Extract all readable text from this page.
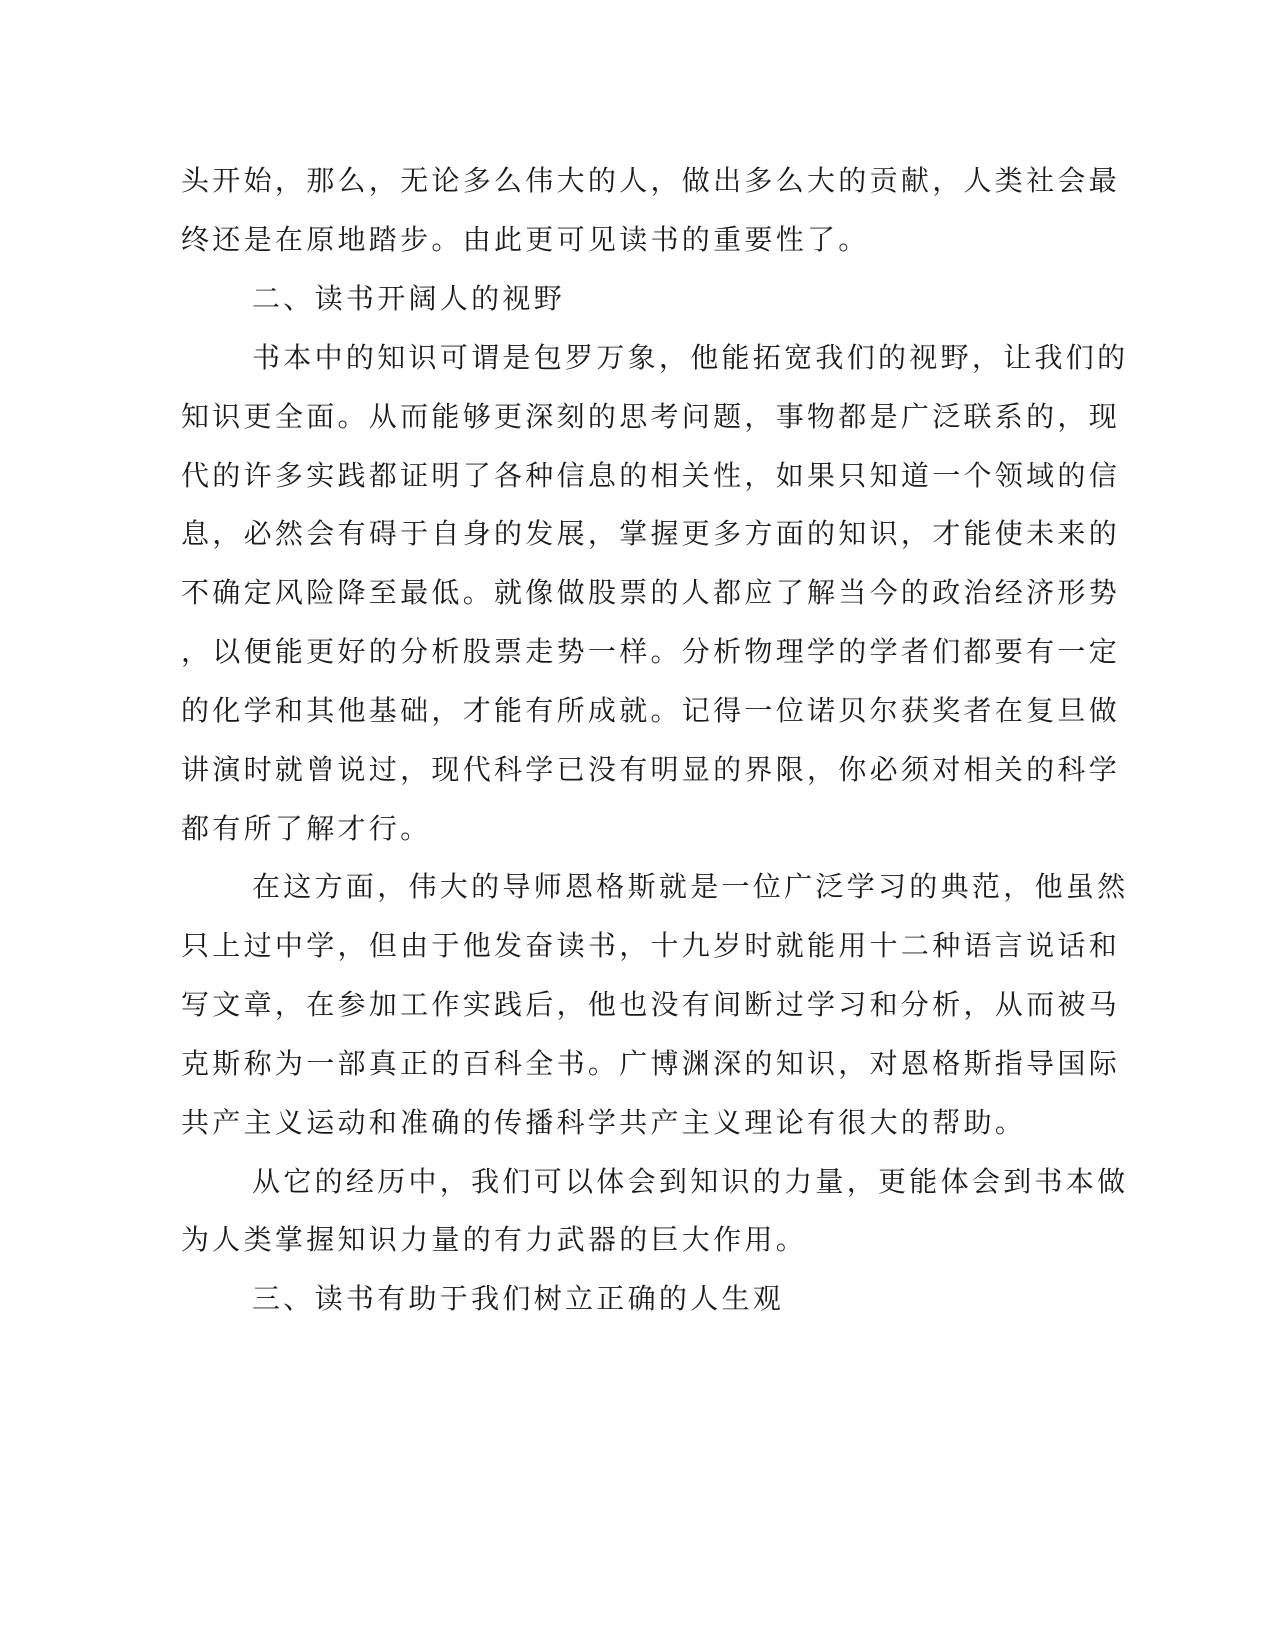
头开始，那么，无论多么伟大的人，做出多么大的贡献，人类社会最
终还是在原地踏步。由此更可见读书的重要性了。
二、读书开阔人的视野
书本中的知识可谓是包罗万象，他能拓宽我们的视野，让我们的
知识更全面。从而能够更深刻的思考问题，事物都是广泛联系的，现
代的许多实践都证明了各种信息的相关性，如果只知道一个领域的信
息，必然会有碍于自身的发展，掌握更多方面的知识，才能使未来的
不确定风险降至最低。就像做股票的人都应了解当今的政治经济形势
，以便能更好的分析股票走势一样。分析物理学的学者们都要有一定
的化学和其他基础，才能有所成就。记得一位诺贝尔获奖者在复旦做
讲演时就曾说过，现代科学已没有明显的界限，你必须对相关的科学
都有所了解才行。
在这方面，伟大的导师恩格斯就是一位广泛学习的典范，他虽然
只上过中学，但由于他发奋读书，十九岁时就能用十二种语言说话和
写文章，在参加工作实践后，他也没有间断过学习和分析，从而被马
克斯称为一部真正的百科全书。广博渊深的知识，对恩格斯指导国际
共产主义运动和准确的传播科学共产主义理论有很大的帮助。
从它的经历中，我们可以体会到知识的力量，更能体会到书本做
为人类掌握知识力量的有力武器的巨大作用。
三、读书有助于我们树立正确的人生观
